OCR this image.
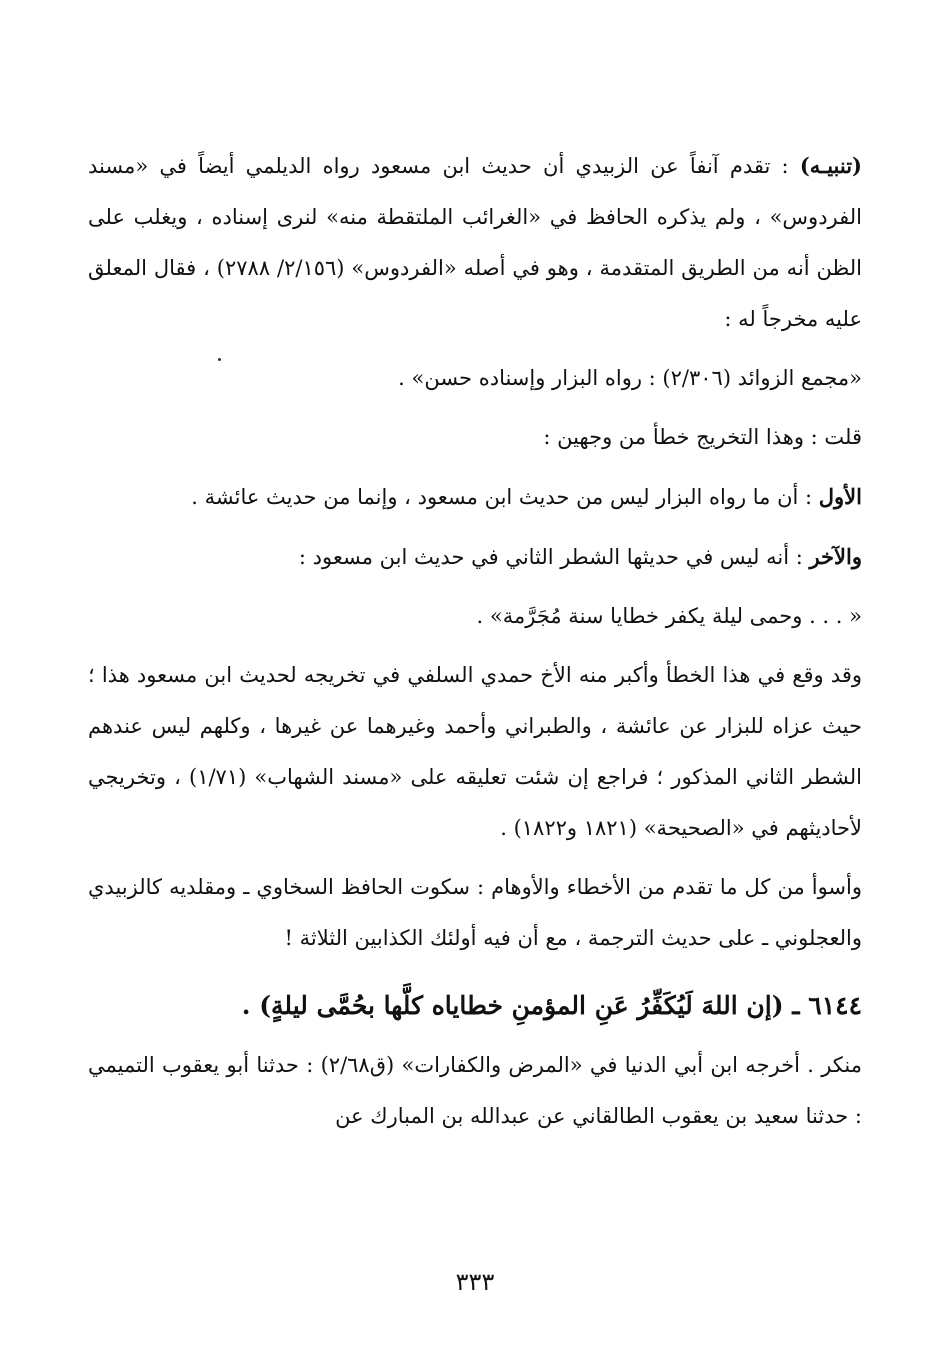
(تنبيـه) : تقدم آنفاً عن الزبيدي أن حديث ابن مسعود رواه الديلمي أيضاً في «مسند الفردوس» ، ولم يذكره الحافظ في «الغرائب الملتقطة منه» لنرى إسناده ، ويغلب على الظن أنه من الطريق المتقدمة ، وهو في أصله «الفردوس» (٢/١٥٦/ ٢٧٨٨) ، فقال المعلق عليه مخرجاً له :

«مجمع الزوائد (٢/٣٠٦) : رواه البزار وإسناده حسن» .

قلت : وهذا التخريج خطأ من وجهين :

الأول : أن ما رواه البزار ليس من حديث ابن مسعود ، وإنما من حديث عائشة .

والآخر : أنه ليس في حديثها الشطر الثاني في حديث ابن مسعود :

« . . . وحمى ليلة يكفر خطايا سنة مُجَرَّمة» .

وقد وقع في هذا الخطأ وأكبر منه الأخ حمدي السلفي في تخريجه لحديث ابن مسعود هذا ؛ حيث عزاه للبزار عن عائشة ، والطبراني وأحمد وغيرهما عن غيرها ، وكلهم ليس عندهم الشطر الثاني المذكور ؛ فراجع إن شئت تعليقه على «مسند الشهاب» (١/٧١) ، وتخريجي لأحاديثهم في «الصحيحة» (١٨٢١ و١٨٢٢) .

وأسوأ من كل ما تقدم من الأخطاء والأوهام : سكوت الحافظ السخاوي ـ ومقلديه كالزبيدي والعجلوني ـ على حديث الترجمة ، مع أن فيه أولئك الكذابين الثلاثة !

٦١٤٤ ـ (إن اللهَ لَيُكَفِّرُ عَنِ المؤمنِ خطاياه كلَّها بحُمَّى ليلةٍ) .

منكر . أخرجه ابن أبي الدنيا في «المرض والكفارات» (ق٢/٦٨) : حدثنا أبو يعقوب التميمي : حدثنا سعيد بن يعقوب الطالقاني عن عبدالله بن المبارك عن

٣٣٣
